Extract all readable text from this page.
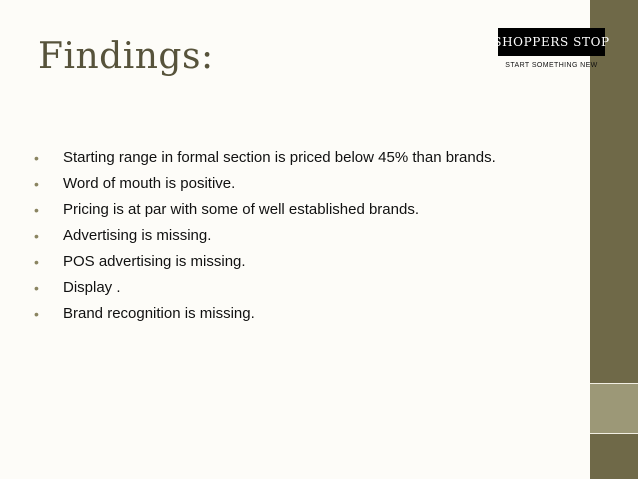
Findings:	SHOPPERS STOP
START SOMETHING NEW
• Starting range in formal section is priced below 45% than brands.
• Word of mouth is positive.
• Pricing is at par with some of well established brands.
• Advertising is missing.
• POS advertising is missing.
• Display .
• Brand recognition is missing.
